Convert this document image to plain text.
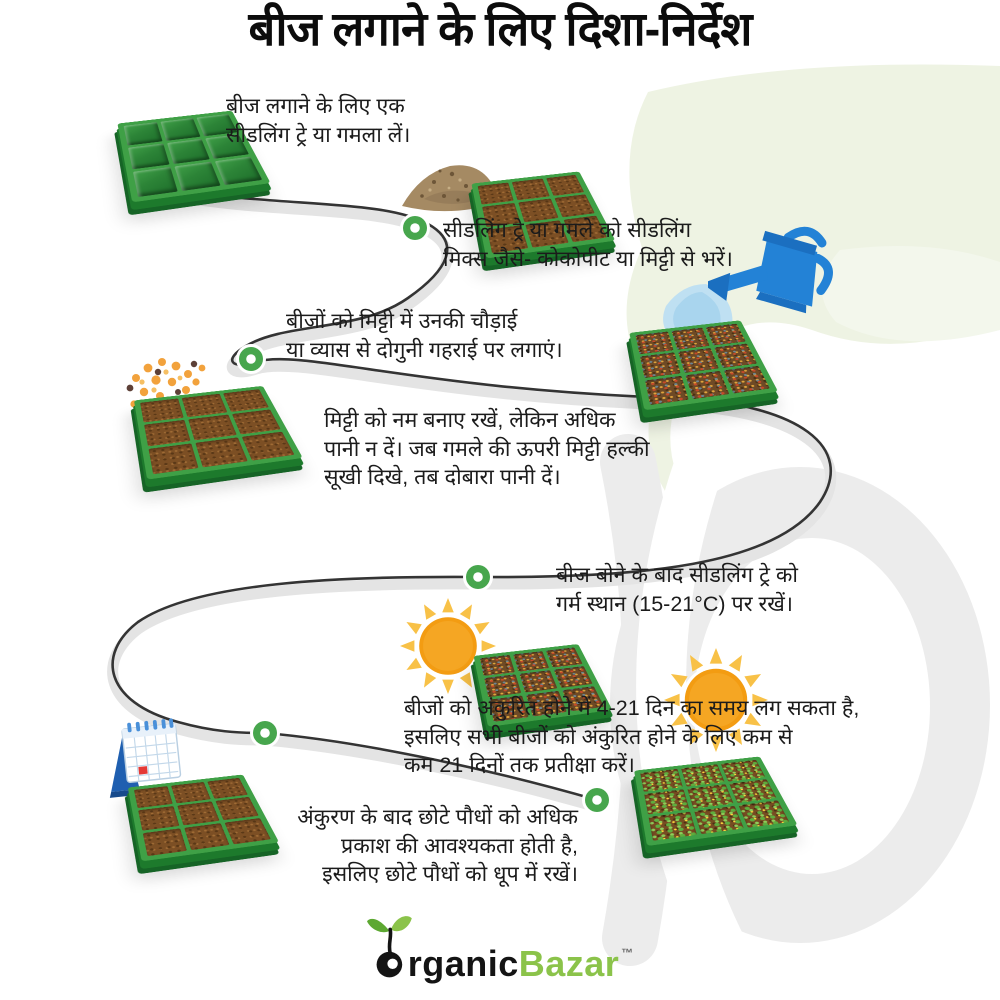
बीज लगाने के लिए दिशा-निर्देश
बीज लगाने के लिए एक
सीडलिंग ट्रे या गमला लें।
सीडलिंग ट्रे या गमले को सीडलिंग
मिक्स जैसे- कोकोपीट या मिट्टी से भरें।
बीजों को मिट्टी में उनकी चौड़ाई
या व्यास से दोगुनी गहराई पर लगाएं।
मिट्टी को नम बनाए रखें, लेकिन अधिक
पानी न दें। जब गमले की ऊपरी मिट्टी हल्की
सूखी दिखे, तब दोबारा पानी दें।
बीज बोने के बाद सीडलिंग ट्रे को
गर्म स्थान (15-21°C) पर रखें।
बीजों को अंकुरित होने में 4-21 दिन का समय लग सकता है,
इसलिए सभी बीजों को अंकुरित होने के लिए कम से
कम 21 दिनों तक प्रतीक्षा करें।
अंकुरण के बाद छोटे पौधों को अधिक
प्रकाश की आवश्यकता होती है,
इसलिए छोटे पौधों को धूप में रखें।
rganic Bazar ™
